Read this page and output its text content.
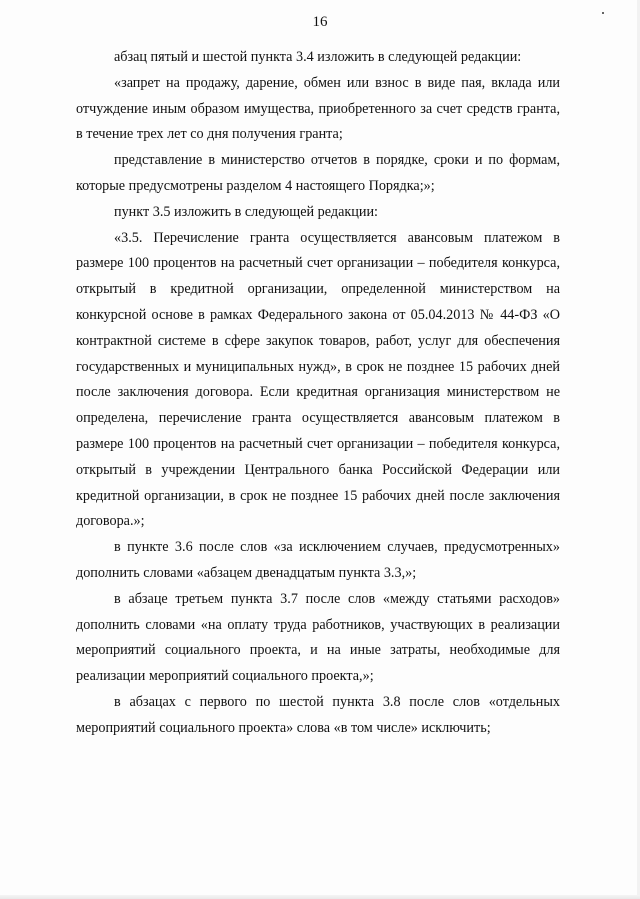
16

абзац пятый и шестой пункта 3.4 изложить в следующей редакции:

«запрет на продажу, дарение, обмен или взнос в виде пая, вклада или отчуждение иным образом имущества, приобретенного за счет средств гранта, в течение трех лет со дня получения гранта;

представление в министерство отчетов в порядке, сроки и по формам, которые предусмотрены разделом 4 настоящего Порядка;»;

пункт 3.5 изложить в следующей редакции:

«3.5. Перечисление гранта осуществляется авансовым платежом в размере 100 процентов на расчетный счет организации – победителя конкурса, открытый в кредитной организации, определенной министерством на конкурсной основе в рамках Федерального закона от 05.04.2013 № 44-ФЗ «О контрактной системе в сфере закупок товаров, работ, услуг для обеспечения государственных и муниципальных нужд», в срок не позднее 15 рабочих дней после заключения договора. Если кредитная организация министерством не определена, перечисление гранта осуществляется авансовым платежом в размере 100 процентов на расчетный счет организации – победителя конкурса, открытый в учреждении Центрального банка Российской Федерации или кредитной организации, в срок не позднее 15 рабочих дней после заключения договора.»;

в пункте 3.6 после слов «за исключением случаев, предусмотренных» дополнить словами «абзацем двенадцатым пункта 3.3,»;

в абзаце третьем пункта 3.7 после слов «между статьями расходов» дополнить словами «на оплату труда работников, участвующих в реализации мероприятий социального проекта, и на иные затраты, необходимые для реализации мероприятий социального проекта,»;

в абзацах с первого по шестой пункта 3.8 после слов «отдельных мероприятий социального проекта» слова «в том числе» исключить;
